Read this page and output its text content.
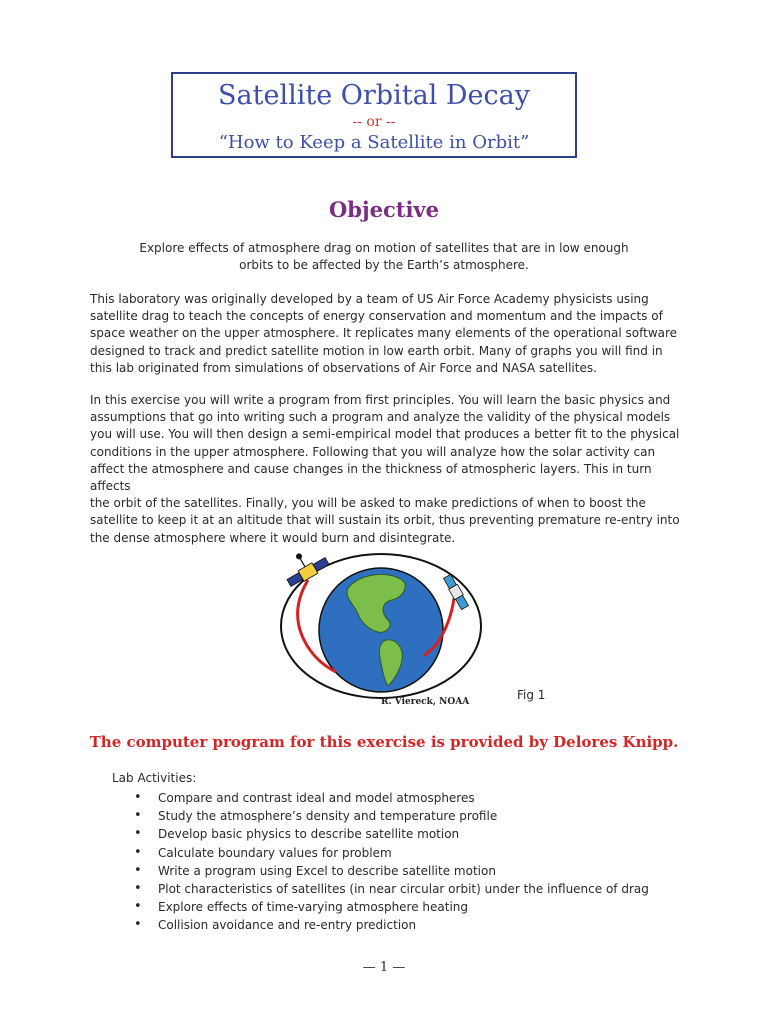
Satellite Orbital Decay
-- or --
“How to Keep a Satellite in Orbit”
Objective
Explore effects of atmosphere drag on motion of satellites that are in low enough
orbits to be affected by the Earth’s atmosphere.
This laboratory was originally developed by a team of US Air Force Academy physicists using
satellite drag to teach the concepts of energy conservation and momentum and the impacts of
space weather on the upper atmosphere. It replicates many elements of the operational software
designed to track and predict satellite motion in low earth orbit. Many of graphs you will find in
this lab originated from simulations of observations of Air Force and NASA satellites.
In this exercise you will write a program from first principles. You will learn the basic physics and
assumptions that go into writing such a program and analyze the validity of the physical models
you will use. You will then design a semi-empirical model that produces a better fit to the physical
conditions in the upper atmosphere. Following that you will analyze how the solar activity can
affect the atmosphere and cause changes in the thickness of atmospheric layers. This in turn affects
the orbit of the satellites. Finally, you will be asked to make predictions of when to boost the
satellite to keep it at an altitude that will sustain its orbit, thus preventing premature re-entry into
the dense atmosphere where it would burn and disintegrate.
R. Viereck, NOAA	Fig 1
The computer program for this exercise is provided by Delores Knipp.
Lab Activities:
• Compare and contrast ideal and model atmospheres
• Study the atmosphere’s density and temperature profile
• Develop basic physics to describe satellite motion
• Calculate boundary values for problem
• Write a program using Excel to describe satellite motion
• Plot characteristics of satellites (in near circular orbit) under the influence of drag
• Explore effects of time-varying atmosphere heating
• Collision avoidance and re-entry prediction
— 1 —
